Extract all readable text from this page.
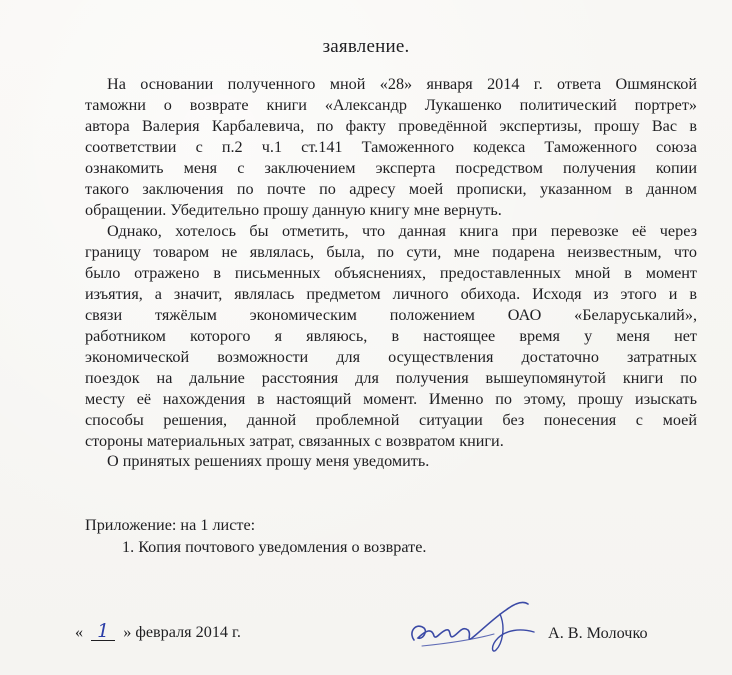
заявление.
На основании полученного мной «28» января 2014 г. ответа Ошмянской
таможни о возврате книги «Александр Лукашенко политический портрет»
автора Валерия Карбалевича, по факту проведённой экспертизы, прошу Вас в
соответствии с п.2 ч.1 ст.141 Таможенного кодекса Таможенного союза
ознакомить меня с заключением эксперта посредством получения копии
такого заключения по почте по адресу моей прописки, указанном в данном
обращении. Убедительно прошу данную книгу мне вернуть.
Однако, хотелось бы отметить, что данная книга при перевозке её через
границу товаром не являлась, была, по сути, мне подарена неизвестным, что
было отражено в письменных объяснениях, предоставленных мной в момент
изъятия, а значит, являлась предметом личного обихода. Исходя из этого и в
связи тяжёлым экономическим положением ОАО «Беларуськалий»,
работником которого я являюсь, в настоящее время у меня нет
экономической возможности для осуществления достаточно затратных
поездок на дальние расстояния для получения вышеупомянутой книги по
месту её нахождения в настоящий момент. Именно по этому, прошу изыскать
способы решения, данной проблемной ситуации без понесения с моей
стороны материальных затрат, связанных с возвратом книги.
О принятых решениях прошу меня уведомить.
Приложение: на 1 листе:
1. Копия почтового уведомления о возврате.
« 1 » февраля 2014 г.	А. В. Молочко
